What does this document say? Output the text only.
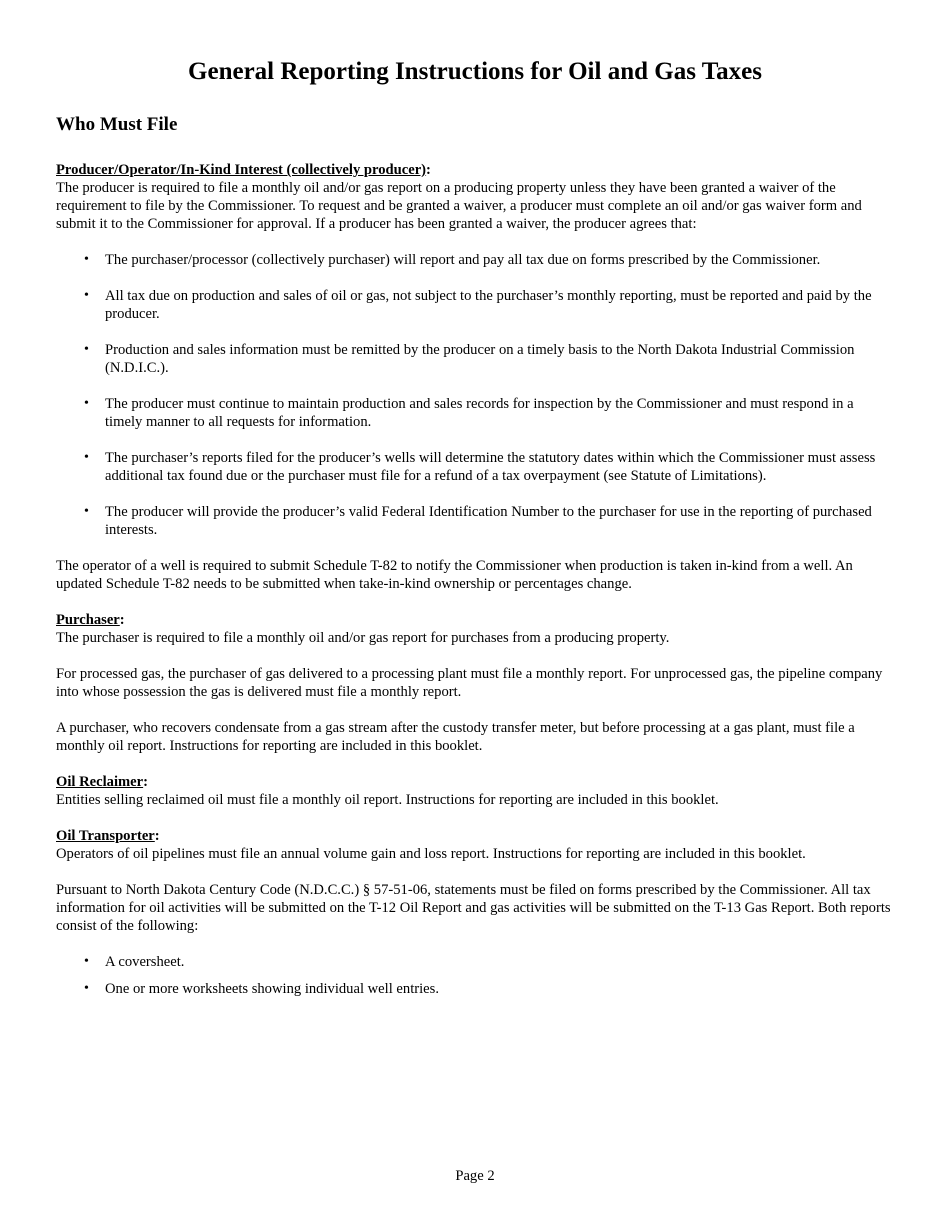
General Reporting Instructions for Oil and Gas Taxes
Who Must File

Producer/Operator/In-Kind Interest (collectively producer):

The producer is required to file a monthly oil and/or gas report on a producing property unless they have been granted a waiver of the requirement to file by the Commissioner. To request and be granted a waiver, a producer must complete an oil and/or gas waiver form and submit it to the Commissioner for approval. If a producer has been granted a waiver, the producer agrees that:

• The purchaser/processor (collectively purchaser) will report and pay all tax due on forms prescribed by the Commissioner.
• All tax due on production and sales of oil or gas, not subject to the purchaser’s monthly reporting, must be reported and paid by the producer.
• Production and sales information must be remitted by the producer on a timely basis to the North Dakota Industrial Commission (N.D.I.C.).
• The producer must continue to maintain production and sales records for inspection by the Commissioner and must respond in a timely manner to all requests for information.
• The purchaser’s reports filed for the producer’s wells will determine the statutory dates within which the Commissioner must assess additional tax found due or the purchaser must file for a refund of a tax overpayment (see Statute of Limitations).
• The producer will provide the producer’s valid Federal Identification Number to the purchaser for use in the reporting of purchased interests.

The operator of a well is required to submit Schedule T-82 to notify the Commissioner when production is taken in-kind from a well. An updated Schedule T-82 needs to be submitted when take-in-kind ownership or percentages change.

Purchaser:

The purchaser is required to file a monthly oil and/or gas report for purchases from a producing property.

For processed gas, the purchaser of gas delivered to a processing plant must file a monthly report. For unprocessed gas, the pipeline company into whose possession the gas is delivered must file a monthly report.

A purchaser, who recovers condensate from a gas stream after the custody transfer meter, but before processing at a gas plant, must file a monthly oil report. Instructions for reporting are included in this booklet.

Oil Reclaimer:

Entities selling reclaimed oil must file a monthly oil report. Instructions for reporting are included in this booklet.

Oil Transporter:

Operators of oil pipelines must file an annual volume gain and loss report. Instructions for reporting are included in this booklet.

Pursuant to North Dakota Century Code (N.D.C.C.) § 57-51-06, statements must be filed on forms prescribed by the Commissioner. All tax information for oil activities will be submitted on the T-12 Oil Report and gas activities will be submitted on the T-13 Gas Report. Both reports consist of the following:

• A coversheet.
• One or more worksheets showing individual well entries.
Page 2
